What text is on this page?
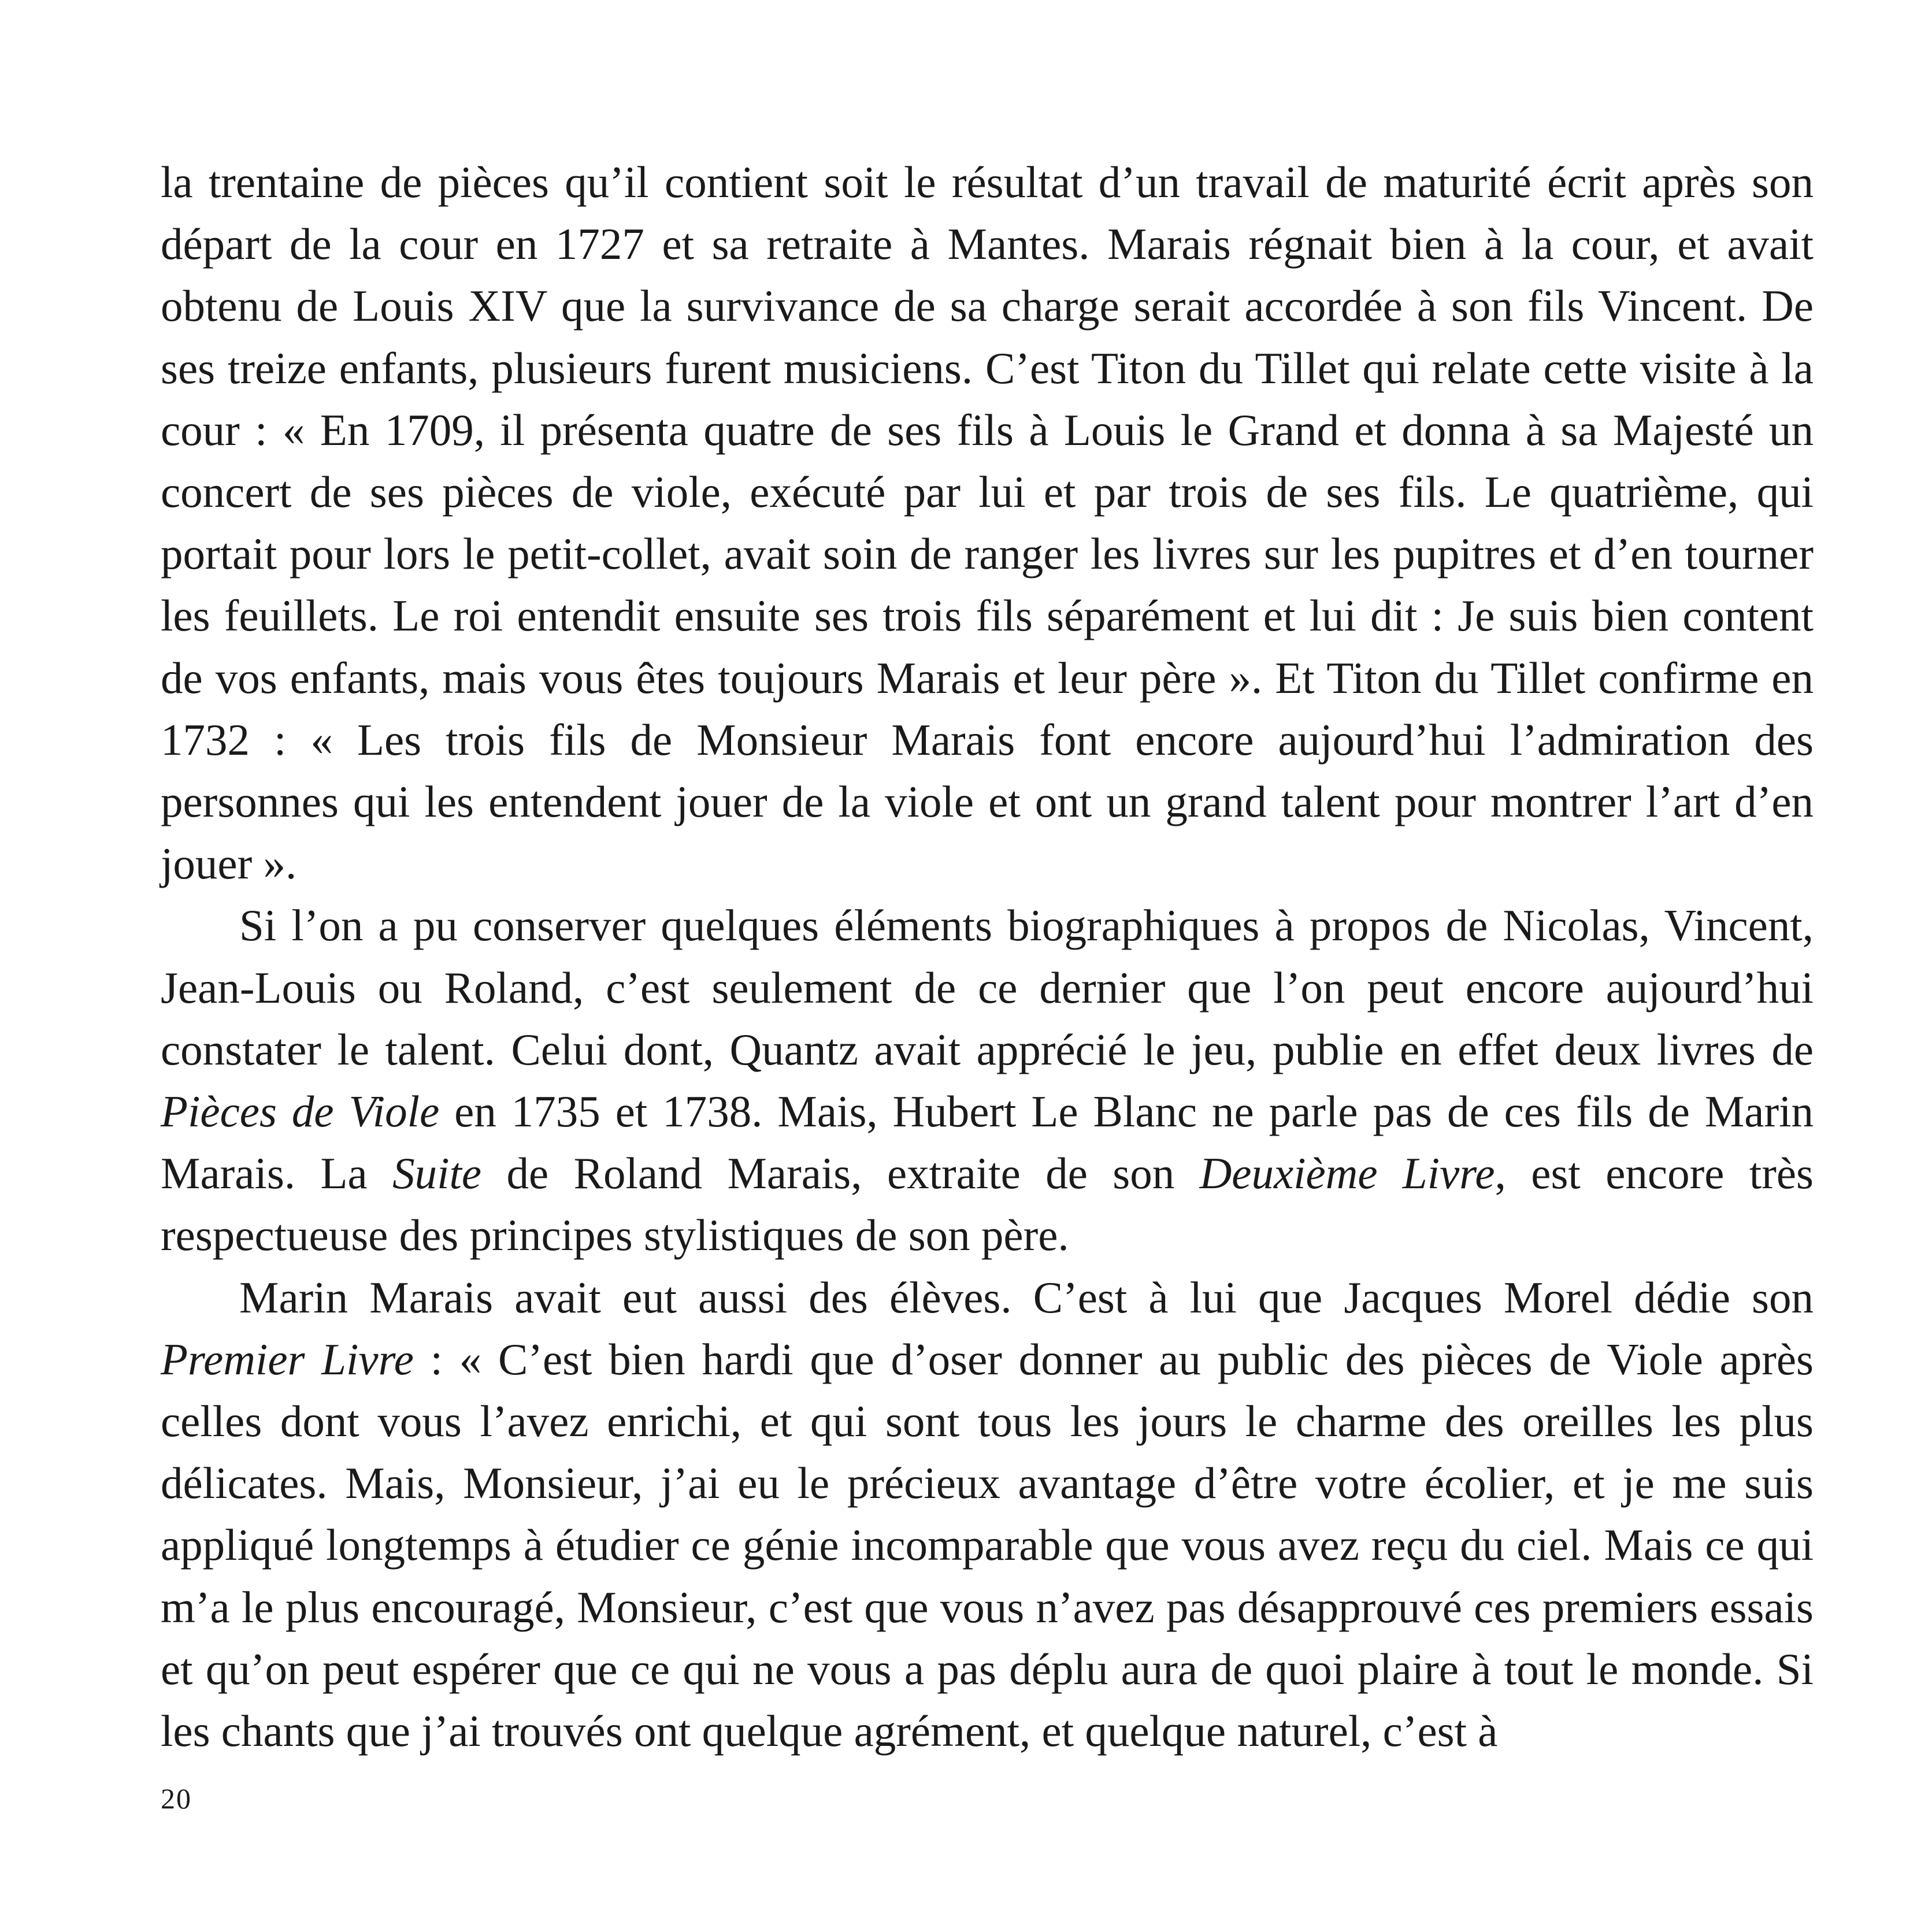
la trentaine de pièces qu’il contient soit le résultat d’un travail de maturité écrit après son départ de la cour en 1727 et sa retraite à Mantes. Marais régnait bien à la cour, et avait obtenu de Louis XIV que la survivance de sa charge serait accordée à son fils Vincent. De ses treize enfants, plusieurs furent musiciens. C’est Titon du Tillet qui relate cette visite à la cour : « En 1709, il présenta quatre de ses fils à Louis le Grand et donna à sa Majesté un concert de ses pièces de viole, exécuté par lui et par trois de ses fils. Le quatrième, qui portait pour lors le petit-collet, avait soin de ranger les livres sur les pupitres et d’en tourner les feuillets. Le roi entendit ensuite ses trois fils séparément et lui dit : Je suis bien content de vos enfants, mais vous êtes toujours Marais et leur père ». Et Titon du Tillet confirme en 1732 : « Les trois fils de Monsieur Marais font encore aujourd’hui l’admiration des personnes qui les entendent jouer de la viole et ont un grand talent pour montrer l’art d’en jouer ».

Si l’on a pu conserver quelques éléments biographiques à propos de Nicolas, Vincent, Jean-Louis ou Roland, c’est seulement de ce dernier que l’on peut encore aujourd’hui constater le talent. Celui dont, Quantz avait apprécié le jeu, publie en effet deux livres de Pièces de Viole en 1735 et 1738. Mais, Hubert Le Blanc ne parle pas de ces fils de Marin Marais. La Suite de Roland Marais, extraite de son Deuxième Livre, est encore très respectueuse des principes stylistiques de son père.

Marin Marais avait eut aussi des élèves. C’est à lui que Jacques Morel dédie son Premier Livre : « C’est bien hardi que d’oser donner au public des pièces de Viole après celles dont vous l’avez enrichi, et qui sont tous les jours le charme des oreilles les plus délicates. Mais, Monsieur, j’ai eu le précieux avantage d’être votre écolier, et je me suis appliqué longtemps à étudier ce génie incomparable que vous avez reçu du ciel. Mais ce qui m’a le plus encouragé, Monsieur, c’est que vous n’avez pas désapprouvé ces premiers essais et qu’on peut espérer que ce qui ne vous a pas déplu aura de quoi plaire à tout le monde. Si les chants que j’ai trouvés ont quelque agrément, et quelque naturel, c’est à

20
